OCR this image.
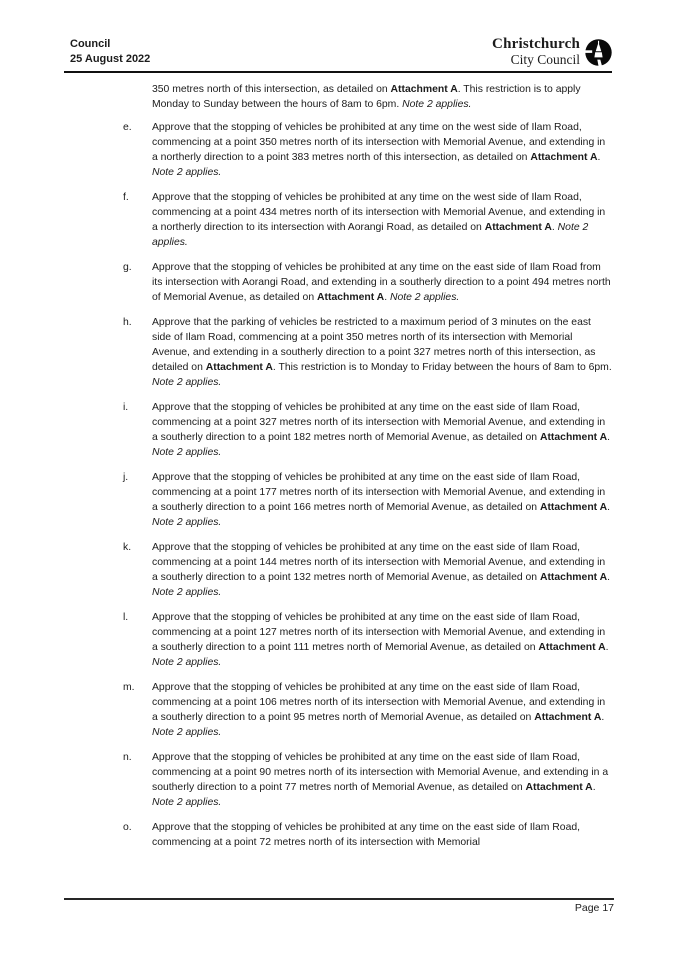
Council
25 August 2022
Christchurch
City Council

350 metres north of this intersection, as detailed on Attachment A. This restriction is to apply Monday to Sunday between the hours of 8am to 6pm. Note 2 applies.

e.	Approve that the stopping of vehicles be prohibited at any time on the west side of Ilam Road, commencing at a point 350 metres north of its intersection with Memorial Avenue, and extending in a northerly direction to a point 383 metres north of this intersection, as detailed on Attachment A. Note 2 applies.
f.	Approve that the stopping of vehicles be prohibited at any time on the west side of Ilam Road, commencing at a point 434 metres north of its intersection with Memorial Avenue, and extending in a northerly direction to its intersection with Aorangi Road, as detailed on Attachment A. Note 2 applies.
g.	Approve that the stopping of vehicles be prohibited at any time on the east side of Ilam Road from its intersection with Aorangi Road, and extending in a southerly direction to a point 494 metres north of Memorial Avenue, as detailed on Attachment A. Note 2 applies.
h.	Approve that the parking of vehicles be restricted to a maximum period of 3 minutes on the east side of Ilam Road, commencing at a point 350 metres north of its intersection with Memorial Avenue, and extending in a southerly direction to a point 327 metres north of this intersection, as detailed on Attachment A. This restriction is to Monday to Friday between the hours of 8am to 6pm. Note 2 applies.
i.	Approve that the stopping of vehicles be prohibited at any time on the east side of Ilam Road, commencing at a point 327 metres north of its intersection with Memorial Avenue, and extending in a southerly direction to a point 182 metres north of Memorial Avenue, as detailed on Attachment A. Note 2 applies.
j.	Approve that the stopping of vehicles be prohibited at any time on the east side of Ilam Road, commencing at a point 177 metres north of its intersection with Memorial Avenue, and extending in a southerly direction to a point 166 metres north of Memorial Avenue, as detailed on Attachment A. Note 2 applies.
k.	Approve that the stopping of vehicles be prohibited at any time on the east side of Ilam Road, commencing at a point 144 metres north of its intersection with Memorial Avenue, and extending in a southerly direction to a point 132 metres north of Memorial Avenue, as detailed on Attachment A. Note 2 applies.
l.	Approve that the stopping of vehicles be prohibited at any time on the east side of Ilam Road, commencing at a point 127 metres north of its intersection with Memorial Avenue, and extending in a southerly direction to a point 111 metres north of Memorial Avenue, as detailed on Attachment A. Note 2 applies.
m.	Approve that the stopping of vehicles be prohibited at any time on the east side of Ilam Road, commencing at a point 106 metres north of its intersection with Memorial Avenue, and extending in a southerly direction to a point 95 metres north of Memorial Avenue, as detailed on Attachment A. Note 2 applies.
n.	Approve that the stopping of vehicles be prohibited at any time on the east side of Ilam Road, commencing at a point 90 metres north of its intersection with Memorial Avenue, and extending in a southerly direction to a point 77 metres north of Memorial Avenue, as detailed on Attachment A. Note 2 applies.
o.	Approve that the stopping of vehicles be prohibited at any time on the east side of Ilam Road, commencing at a point 72 metres north of its intersection with Memorial
Page 17
